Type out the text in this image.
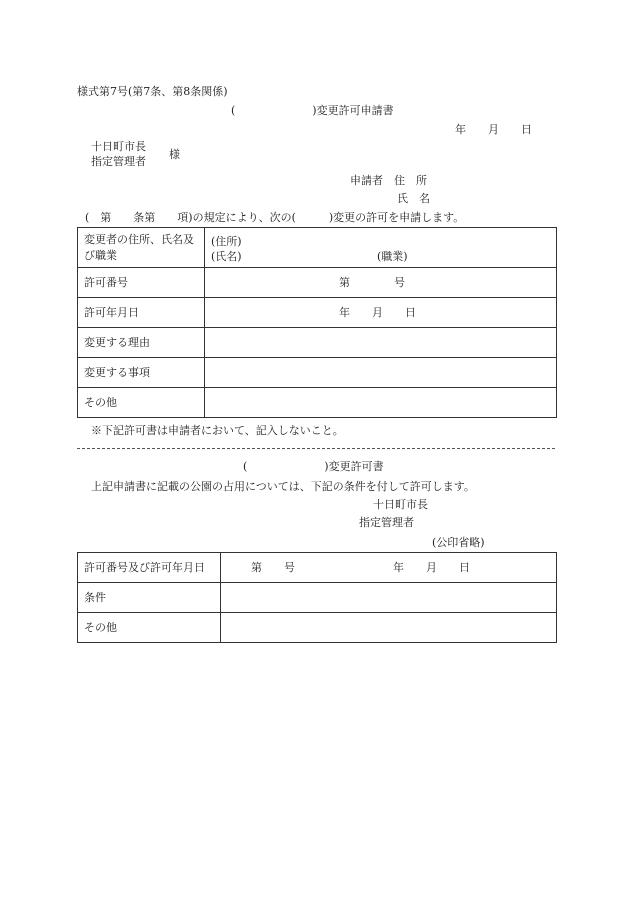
様式第7号(第7条、第8条関係)
(　　　　　　　)変更許可申請書
年　　月　　日
十日町市長
指定管理者
様
申請者　住　所
氏　名
(　第　　条第　　項)の規定により、次の(　　　)変更の許可を申請します。
変更者の住所、氏名及び職業	(住所)
(氏名) (職業)

許可番号	第　　　　号

許可年月日	年　　月　　日

変更する理由	
変更する事項	
その他	
※下記許可書は申請者において、記入しないこと。
(　　　　　　　)変更許可書
上記申請書に記載の公園の占用については、下記の条件を付して許可します。
十日町市長
指定管理者
(公印省略)
許可番号及び許可年月日	第　　号 年　　月　　日

条件	
その他	
